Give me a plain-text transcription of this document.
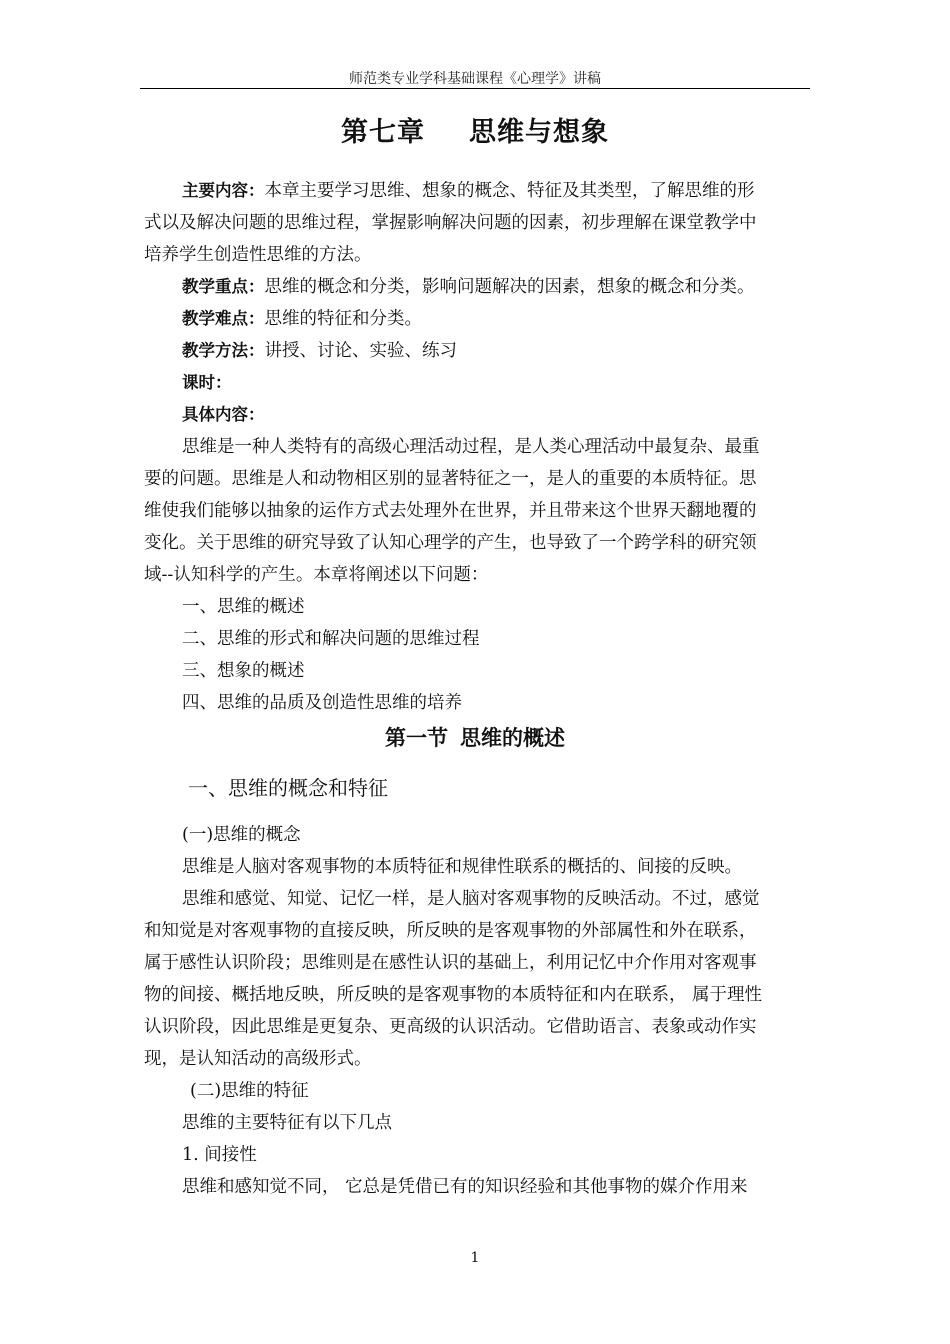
师范类专业学科基础课程《心理学》讲稿
第七章 思维与想象
主要内容：本章主要学习思维、想象的概念、特征及其类型，了解思维的形
式以及解决问题的思维过程，掌握影响解决问题的因素，初步理解在课堂教学中
培养学生创造性思维的方法。
教学重点：思维的概念和分类，影响问题解决的因素，想象的概念和分类。
教学难点：思维的特征和分类。
教学方法：讲授、讨论、实验、练习
课时：
具体内容：
思维是一种人类特有的高级心理活动过程，是人类心理活动中最复杂、最重
要的问题。思维是人和动物相区别的显著特征之一，是人的重要的本质特征。思
维使我们能够以抽象的运作方式去处理外在世界，并且带来这个世界天翻地覆的
变化。关于思维的研究导致了认知心理学的产生，也导致了一个跨学科的研究领
域--认知科学的产生。本章将阐述以下问题：
一、思维的概述
二、思维的形式和解决问题的思维过程
三、想象的概述
四、思维的品质及创造性思维的培养
第一节 思维的概述
一、思维的概念和特征
(一)思维的概念
思维是人脑对客观事物的本质特征和规律性联系的概括的、间接的反映。
思维和感觉、知觉、记忆一样，是人脑对客观事物的反映活动。不过，感觉
和知觉是对客观事物的直接反映，所反映的是客观事物的外部属性和外在联系，
属于感性认识阶段；思维则是在感性认识的基础上，利用记忆中介作用对客观事
物的间接、概括地反映，所反映的是客观事物的本质特征和内在联系， 属于理性
认识阶段，因此思维是更复杂、更高级的认识活动。它借助语言、表象或动作实
现，是认知活动的高级形式。
(二)思维的特征
思维的主要特征有以下几点
1. 间接性
思维和感知觉不同， 它总是凭借已有的知识经验和其他事物的媒介作用来
1
